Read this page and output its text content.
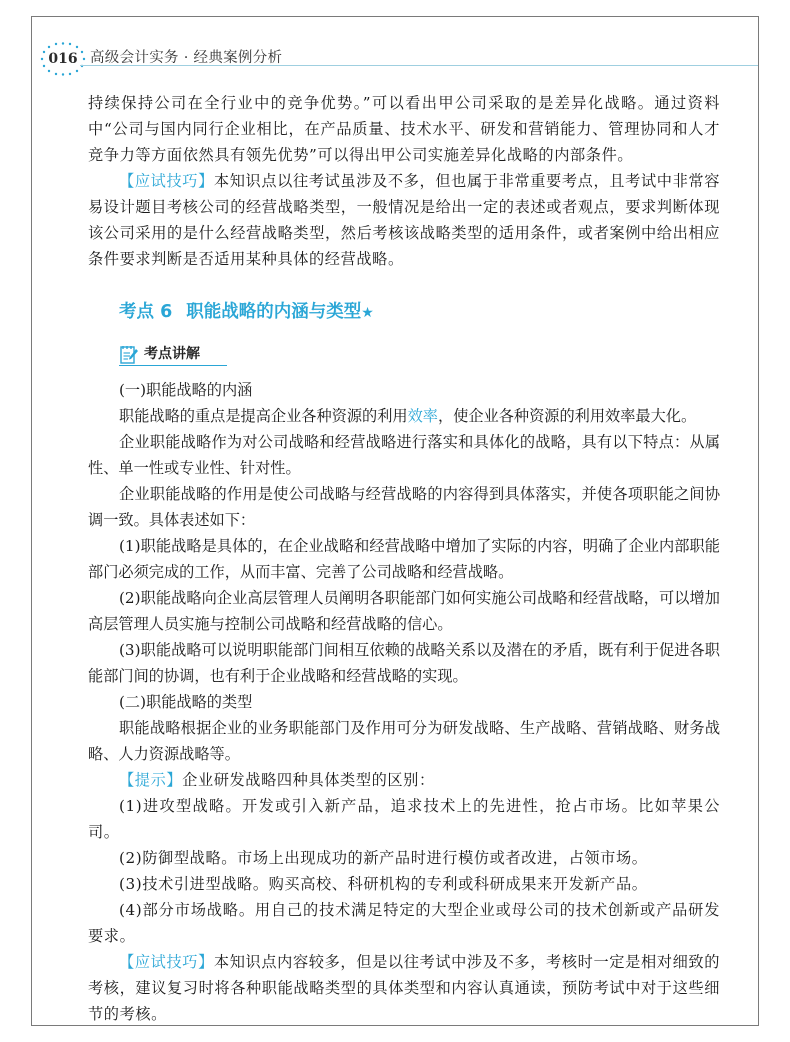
016 高级会计实务 · 经典案例分析

持续保持公司在全行业中的竞争优势。”可以看出甲公司采取的是差异化战略。通过资料中“公司与国内同行企业相比，在产品质量、技术水平、研发和营销能力、管理协同和人才竞争力等方面依然具有领先优势”可以得出甲公司实施差异化战略的内部条件。

【应试技巧】本知识点以往考试虽涉及不多，但也属于非常重要考点，且考试中非常容易设计题目考核公司的经营战略类型，一般情况是给出一定的表述或者观点，要求判断体现该公司采用的是什么经营战略类型，然后考核该战略类型的适用条件，或者案例中给出相应条件要求判断是否适用某种具体的经营战略。

考点 6 职能战略的内涵与类型★
考点讲解

(一)职能战略的内涵

职能战略的重点是提高企业各种资源的利用效率，使企业各种资源的利用效率最大化。

企业职能战略作为对公司战略和经营战略进行落实和具体化的战略，具有以下特点：从属性、单一性或专业性、针对性。

企业职能战略的作用是使公司战略与经营战略的内容得到具体落实，并使各项职能之间协调一致。具体表述如下：

(1)职能战略是具体的，在企业战略和经营战略中增加了实际的内容，明确了企业内部职能部门必须完成的工作，从而丰富、完善了公司战略和经营战略。

(2)职能战略向企业高层管理人员阐明各职能部门如何实施公司战略和经营战略，可以增加高层管理人员实施与控制公司战略和经营战略的信心。

(3)职能战略可以说明职能部门间相互依赖的战略关系以及潜在的矛盾，既有利于促进各职能部门间的协调，也有利于企业战略和经营战略的实现。

(二)职能战略的类型

职能战略根据企业的业务职能部门及作用可分为研发战略、生产战略、营销战略、财务战略、人力资源战略等。

【提示】企业研发战略四种具体类型的区别：

(1)进攻型战略。开发或引入新产品，追求技术上的先进性，抢占市场。比如苹果公司。

(2)防御型战略。市场上出现成功的新产品时进行模仿或者改进，占领市场。

(3)技术引进型战略。购买高校、科研机构的专利或科研成果来开发新产品。

(4)部分市场战略。用自己的技术满足特定的大型企业或母公司的技术创新或产品研发要求。

【应试技巧】本知识点内容较多，但是以往考试中涉及不多，考核时一定是相对细致的考核，建议复习时将各种职能战略类型的具体类型和内容认真通读，预防考试中对于这些细节的考核。
